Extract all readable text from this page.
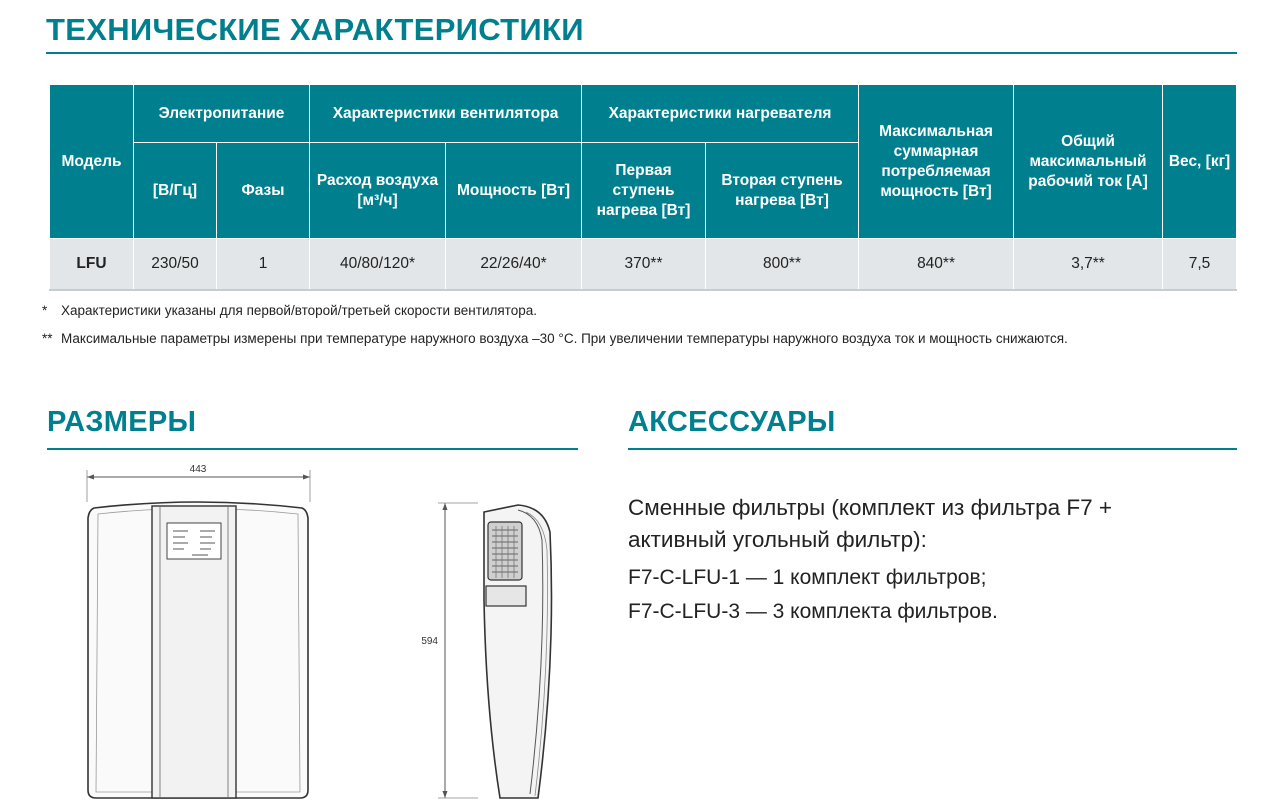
ТЕХНИЧЕСКИЕ ХАРАКТЕРИСТИКИ
Модель	Электропитание		Характеристики вентилятора		Характеристики нагревателя		Максимальная суммарная потребляемая мощность [Вт]	Общий максимальный рабочий ток [А]	Вес, [кг]
	[В/Гц]	Фазы	Расход воздуха [м³/ч]	Мощность [Вт]	Первая ступень нагрева [Вт]	Вторая ступень нагрева [Вт]			
LFU	230/50	1	40/80/120*	22/26/40*	370**	800**	840**	3,7**	7,5
* Характеристики указаны для первой/второй/третьей скорости вентилятора.
** Максимальные параметры измерены при температуре наружного воздуха –30 °С. При увеличении температуры наружного воздуха ток и мощность снижаются.
РАЗМЕРЫ	АКСЕССУАРЫ
Сменные фильтры (комплект из фильтра F7 +
активный угольный фильтр):
F7-C-LFU-1 — 1 комплект фильтров;
F7-C-LFU-3 — 3 комплекта фильтров.
443
594
